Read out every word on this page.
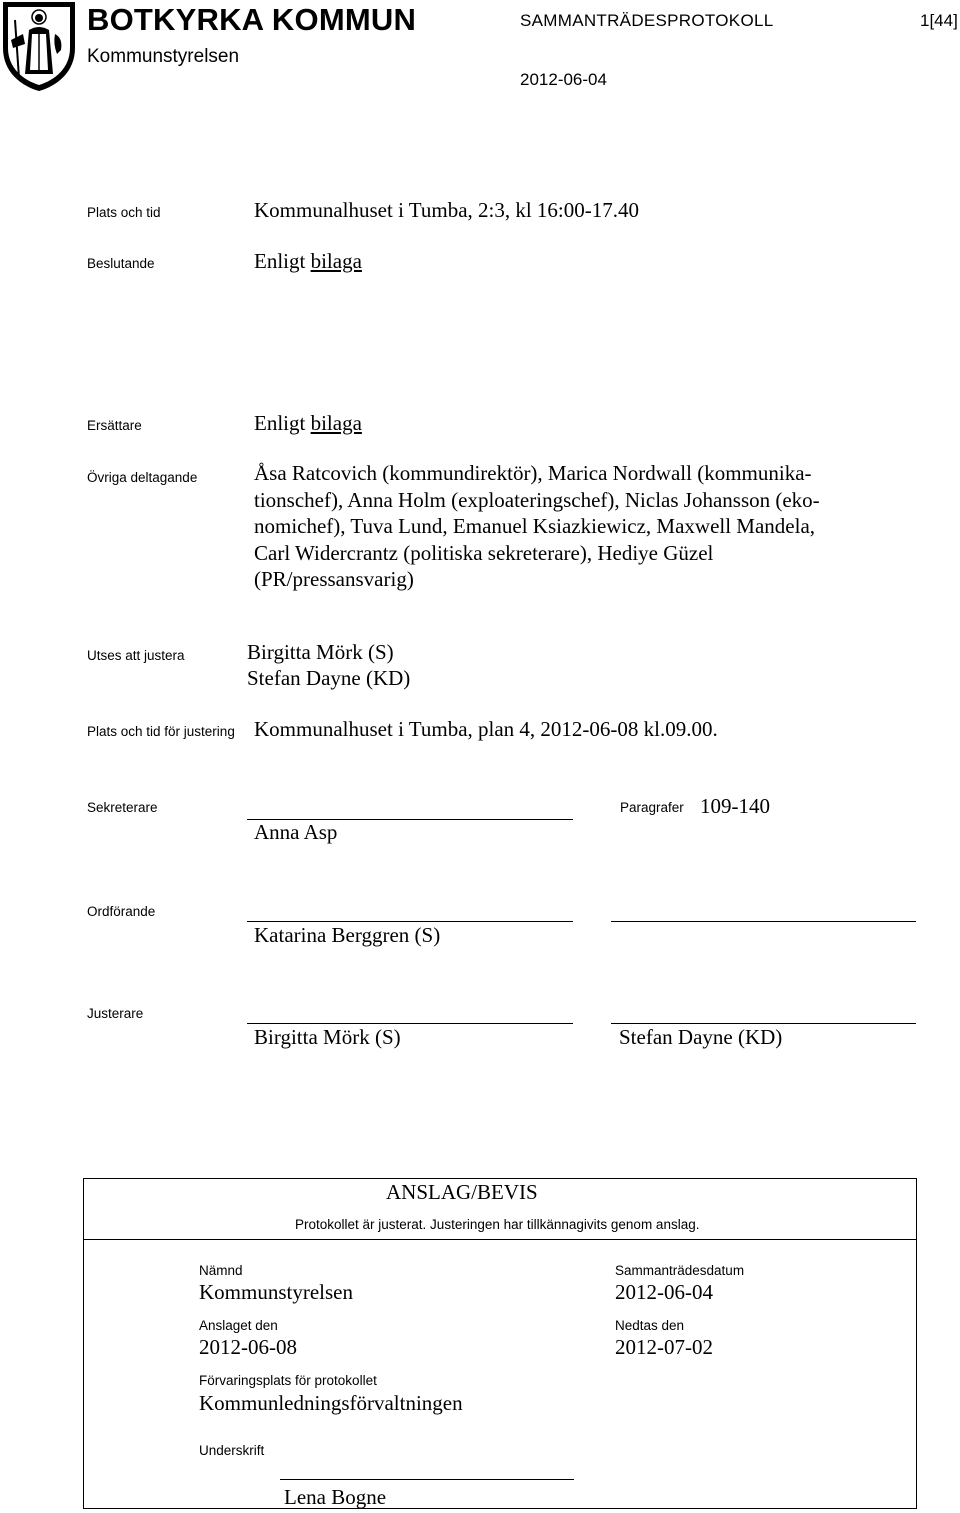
BOTKYRKA KOMMUN
Kommunstyrelsen
SAMMANTRÄDESPROTOKOLL	1[44]
2012-06-04
Plats och tid	Kommunalhuset i Tumba, 2:3, kl 16:00-17.40
Beslutande	Enligt bilaga
Ersättare	Enligt bilaga
Övriga deltagande	Åsa Ratcovich (kommundirektör), Marica Nordwall (kommunika-
tionschef), Anna Holm (exploateringschef), Niclas Johansson (eko-
nomichef), Tuva Lund, Emanuel Ksiazkiewicz, Maxwell Mandela,
Carl Widercrantz (politiska sekreterare), Hediye Güzel
(PR/pressansvarig)
Utses att justera	Birgitta Mörk (S)
Stefan Dayne (KD)
Plats och tid för justering Kommunalhuset i Tumba, plan 4, 2012-06-08 kl.09.00.
Sekreterare
Anna Asp
Paragrafer 109-140
Ordförande
Katarina Berggren (S)
Justerare
Birgitta Mörk (S)	Stefan Dayne (KD)
ANSLAG/BEVIS
Protokollet är justerat. Justeringen har tillkännagivits genom anslag.
Nämnd
Kommunstyrelsen
Sammanträdesdatum
2012-06-04
Anslaget den
2012-06-08
Nedtas den
2012-07-02
Förvaringsplats för protokollet
Kommunledningsförvaltningen
Underskrift
Lena Bogne
